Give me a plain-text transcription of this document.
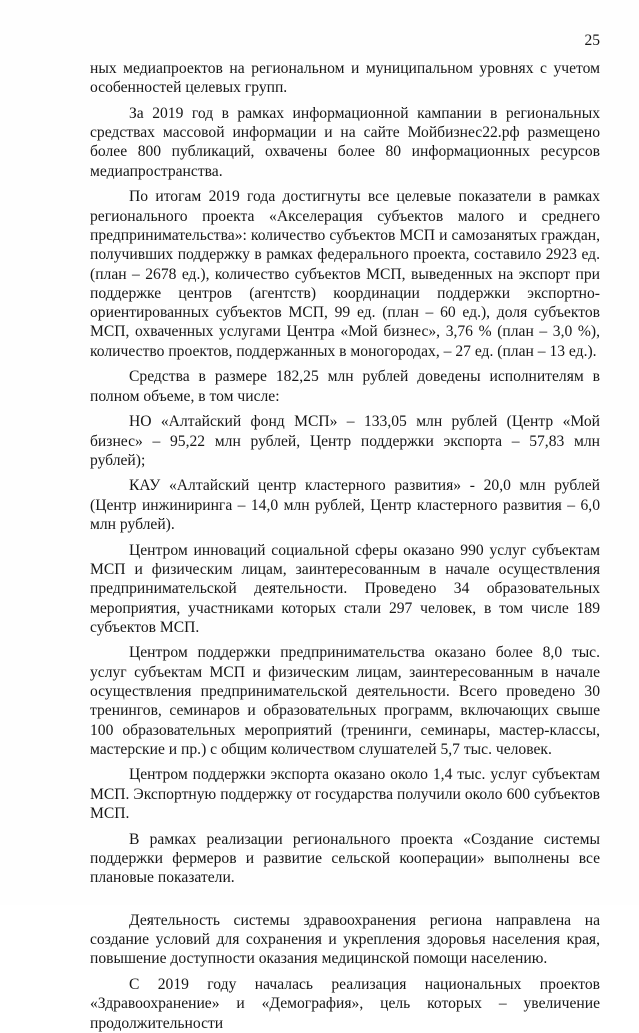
25

ных медиапроектов на региональном и муниципальном уровнях с учетом особенностей целевых групп.

За 2019 год в рамках информационной кампании в региональных средствах массовой информации и на сайте Мойбизнес22.рф размещено более 800 публикаций, охвачены более 80 информационных ресурсов медиапространства.

По итогам 2019 года достигнуты все целевые показатели в рамках регионального проекта «Акселерация субъектов малого и среднего предпринимательства»: количество субъектов МСП и самозанятых граждан, получивших поддержку в рамках федерального проекта, составило 2923 ед. (план – 2678 ед.), количество субъектов МСП, выведенных на экспорт при поддержке центров (агентств) координации поддержки экспортно-ориентированных субъектов МСП, 99 ед. (план – 60 ед.), доля субъектов МСП, охваченных услугами Центра «Мой бизнес», 3,76 % (план – 3,0 %), количество проектов, поддержанных в моногородах, – 27 ед. (план – 13 ед.).

Средства в размере 182,25 млн рублей доведены исполнителям в полном объеме, в том числе:

НО «Алтайский фонд МСП» – 133,05 млн рублей (Центр «Мой бизнес» – 95,22 млн рублей, Центр поддержки экспорта – 57,83 млн рублей);

КАУ «Алтайский центр кластерного развития» - 20,0 млн рублей (Центр инжиниринга – 14,0 млн рублей, Центр кластерного развития – 6,0 млн рублей).

Центром инноваций социальной сферы оказано 990 услуг субъектам МСП и физическим лицам, заинтересованным в начале осуществления предпринимательской деятельности. Проведено 34 образовательных мероприятия, участниками которых стали 297 человек, в том числе 189 субъектов МСП.

Центром поддержки предпринимательства оказано более 8,0 тыс. услуг субъектам МСП и физическим лицам, заинтересованным в начале осуществления предпринимательской деятельности. Всего проведено 30 тренингов, семинаров и образовательных программ, включающих свыше 100 образовательных мероприятий (тренинги, семинары, мастер-классы, мастерские и пр.) с общим количеством слушателей 5,7 тыс. человек.

Центром поддержки экспорта оказано около 1,4 тыс. услуг субъектам МСП. Экспортную поддержку от государства получили около 600 субъектов МСП.

В рамках реализации регионального проекта «Создание системы поддержки фермеров и развитие сельской кооперации» выполнены все плановые показатели.

Деятельность системы здравоохранения региона направлена на создание условий для сохранения и укрепления здоровья населения края, повышение доступности оказания медицинской помощи населению.

С 2019 году началась реализация национальных проектов «Здравоохранение» и «Демография», цель которых – увеличение продолжительности
